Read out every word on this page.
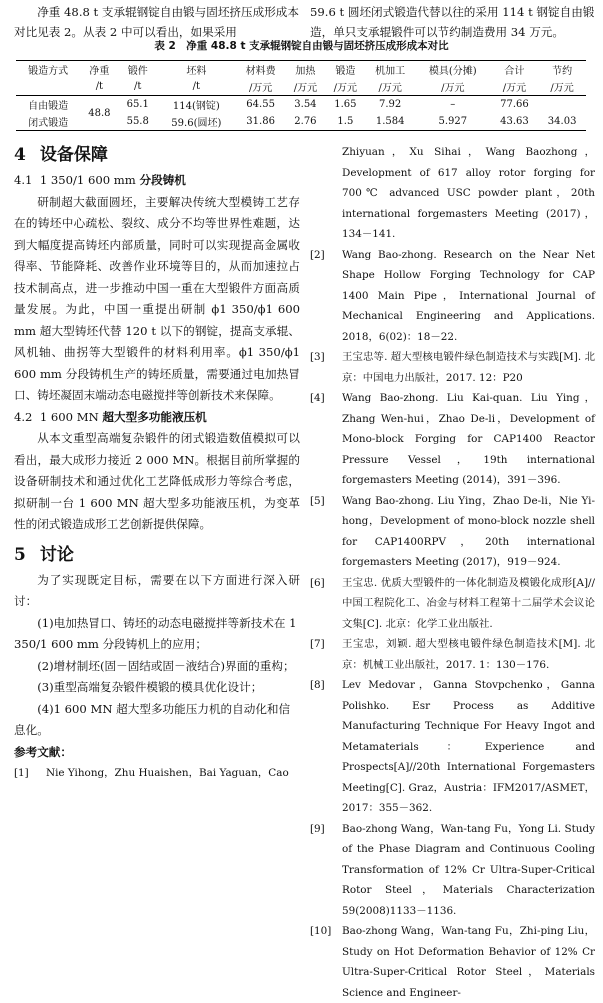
净重 48.8 t 支承辊钢锭自由锻与固坯挤压成形成本对比见表 2。从表 2 中可以看出，如果采用
59.6 t 圆坯闭式锻造代替以往的采用 114 t 钢锭自由锻造，单只支承辊锻件可以节约制造费用 34 万元。
表 2　净重 48.8 t 支承辊钢锭自由锻与固坯挤压成形成本对比
锻造方式	净重	锻件	坯料	材料费	加热	锻造	机加工	模具(分摊)	合计	节约
	/t	/t	/t	/万元	/万元	/万元	/万元	/万元	/万元	/万元
自由锻造	48.8	65.1	114(钢锭)	64.55	3.54	1.65	7.92	–	77.66	
闭式锻造		55.8	59.6(圆坯)	31.86	2.76	1.5	1.584	5.927	43.63	34.03

4 设备保障

4.1 1 350/1 600 mm 分段铸机

研制超大截面圆坯，主要解决传统大型模铸工艺存在的铸坯中心疏松、裂纹、成分不均等世界性难题，达到大幅度提高铸坯内部质量，同时可以实现提高金属收得率、节能降耗、改善作业环境等目的，从而加速拉占技术制高点，进一步推动中国一重在大型锻件方面高质量发展。为此，中国一重提出研制 ϕ1 350/ϕ1 600 mm 超大型铸坯代替 120 t 以下的钢锭，提高支承辊、风机轴、曲拐等大型锻件的材料利用率。ϕ1 350/ϕ1 600 mm 分段铸机生产的铸坯质量，需要通过电加热冒口、铸坯凝固末端动态电磁搅拌等创新技术来保障。

4.2 1 600 MN 超大型多功能液压机

从本文重型高端复杂锻件的闭式锻造数值模拟可以看出，最大成形力接近 2 000 MN。根据目前所掌握的设备研制技术和通过优化工艺降低成形力等综合考虑，拟研制一台 1 600 MN 超大型多功能液压机，为变革性的闭式锻造成形工艺创新提供保障。

5 讨论

为了实现既定目标，需要在以下方面进行深入研讨：

(1)电加热冒口、铸坯的动态电磁搅拌等新技术在 1 350/1 600 mm 分段铸机上的应用；

(2)增材制坯(固－固结或固－液结合)界面的重构；

(3)重型高端复杂锻件模锻的模具优化设计；

(4)1 600 MN 超大型多功能压力机的自动化和信息化。

参考文献：

[1]	Nie Yihong，Zhu Huaishen，Bai Yaguan，Cao
Zhiyuan，Xu Sihai，Wang Baozhong，Development of 617 alloy rotor forging for 700℃ advanced USC powder plant，20th international forgemasters Meeting (2017)，134－141.
[2]	Wang Bao-zhong. Research on the Near Net Shape Hollow Forging Technology for CAP 1400 Main Pipe，International Journal of Mechanical Engineering and Applications. 2018，6(02)：18－22.
[3]	王宝忠等. 超大型核电锻件绿色制造技术与实践[M]. 北京：中国电力出版社，2017. 12：P20
[4]	Wang Bao-zhong. Liu Kai-quan. Liu Ying，Zhang Wen-hui，Zhao De-li，Development of Mono-block Forging for CAP1400 Reactor Pressure Vessel，19th international forgemasters Meeting (2014)，391－396.
[5]	Wang Bao-zhong. Liu Ying，Zhao De-li，Nie Yi-hong，Development of mono-block nozzle shell for CAP1400RPV，20th international forgemasters Meeting (2017)，919－924.
[6]	王宝忠. 优质大型锻件的一体化制造及模锻化成形[A]//中国工程院化工、冶金与材料工程第十二届学术会议论文集[C]. 北京：化学工业出版社.
[7]	王宝忠，刘颖. 超大型核电锻件绿色制造技术[M]. 北京：机械工业出版社，2017. 1：130－176.
[8]	Lev Medovar，Ganna Stovpchenko，Ganna Polishko. Esr Process as Additive Manufacturing Technique For Heavy Ingot and Metamaterials：Experience and Prospects[A]//20th International Forgemasters Meeting[C]. Graz，Austria：IFM2017/ASMET，2017：355－362.
[9]	Bao-zhong Wang，Wan-tang Fu，Yong Li. Study of the Phase Diagram and Continuous Cooling Transformation of 12% Cr Ultra-Super-Critical Rotor Steel，Materials Characterization 59(2008)1133－1136.
[10]	Bao-zhong Wang，Wan-tang Fu，Zhi-ping Liu，Study on Hot Deformation Behavior of 12% Cr Ultra-Super-Critical Rotor Steel，Materials Science and Engineer-
